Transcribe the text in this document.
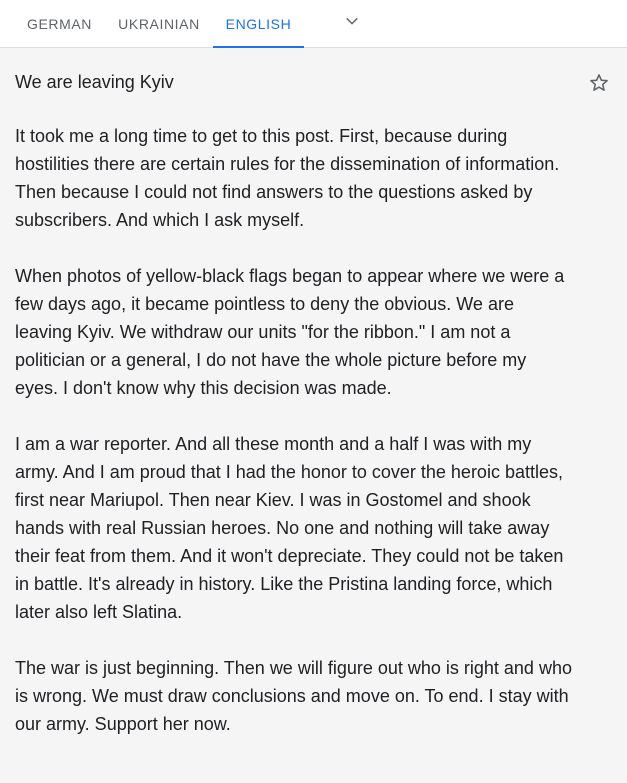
GERMAN	UKRAINIAN	ENGLISH
We are leaving Kyiv

It took me a long time to get to this post. First, because during hostilities there are certain rules for the dissemination of information. Then because I could not find answers to the questions asked by subscribers. And which I ask myself.

When photos of yellow-black flags began to appear where we were a few days ago, it became pointless to deny the obvious. We are leaving Kyiv. We withdraw our units "for the ribbon." I am not a politician or a general, I do not have the whole picture before my eyes. I don't know why this decision was made.

I am a war reporter. And all these month and a half I was with my army. And I am proud that I had the honor to cover the heroic battles, first near Mariupol. Then near Kiev. I was in Gostomel and shook hands with real Russian heroes. No one and nothing will take away their feat from them. And it won't depreciate. They could not be taken in battle. It's already in history. Like the Pristina landing force, which later also left Slatina.

The war is just beginning. Then we will figure out who is right and who is wrong. We must draw conclusions and move on. To end. I stay with our army. Support her now.
